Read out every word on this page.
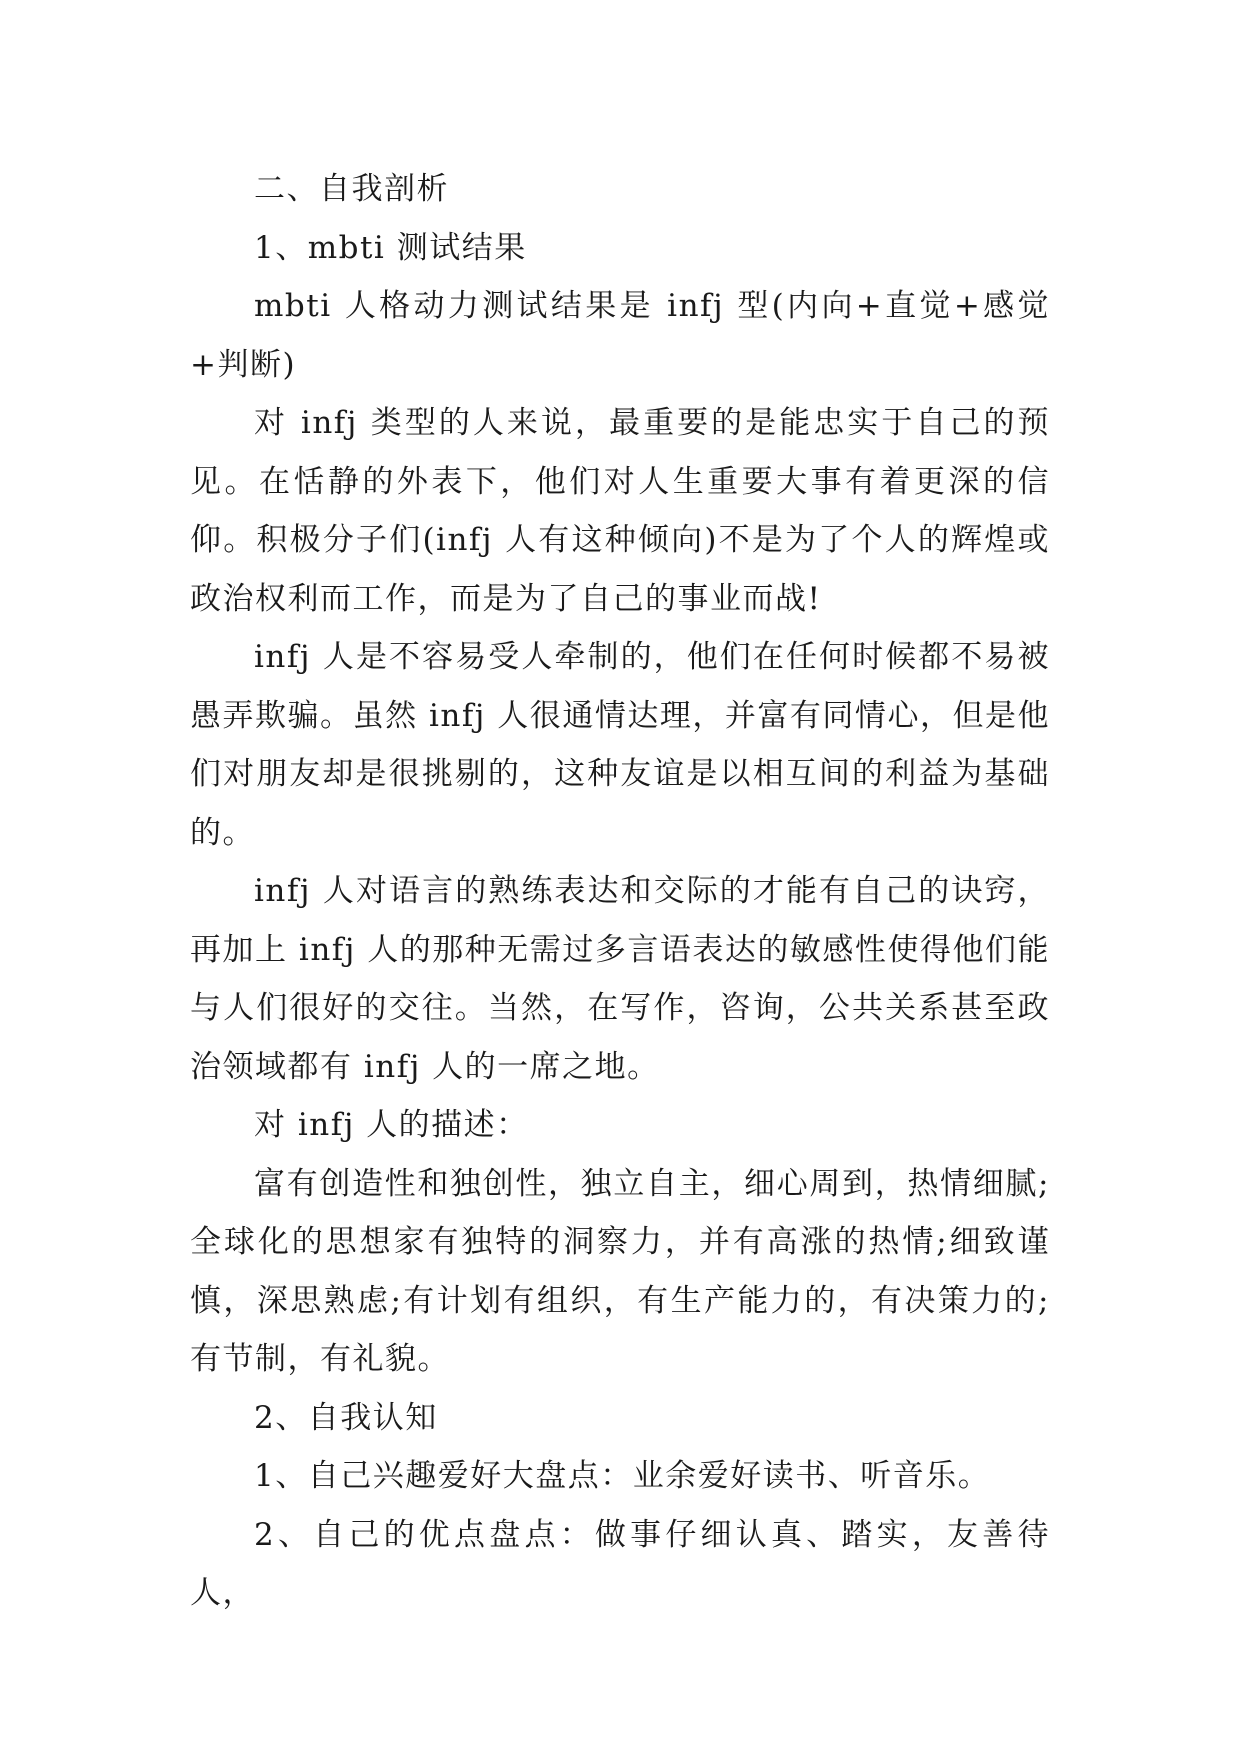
二、自我剖析

1、mbti 测试结果

mbti 人格动力测试结果是 infj 型(内向+直觉+感觉+判断)

对 infj 类型的人来说，最重要的是能忠实于自己的预见。在恬静的外表下，他们对人生重要大事有着更深的信仰。积极分子们(infj 人有这种倾向)不是为了个人的辉煌或政治权利而工作，而是为了自己的事业而战!

infj 人是不容易受人牵制的，他们在任何时候都不易被愚弄欺骗。虽然 infj 人很通情达理，并富有同情心，但是他们对朋友却是很挑剔的，这种友谊是以相互间的利益为基础的。

infj 人对语言的熟练表达和交际的才能有自己的诀窍，再加上 infj 人的那种无需过多言语表达的敏感性使得他们能与人们很好的交往。当然，在写作，咨询，公共关系甚至政治领域都有 infj 人的一席之地。

对 infj 人的描述：

富有创造性和独创性，独立自主，细心周到，热情细腻;全球化的思想家有独特的洞察力，并有高涨的热情;细致谨慎，深思熟虑;有计划有组织，有生产能力的，有决策力的;有节制，有礼貌。

2、自我认知

1、自己兴趣爱好大盘点：业余爱好读书、听音乐。

2、自己的优点盘点：做事仔细认真、踏实，友善待人，
